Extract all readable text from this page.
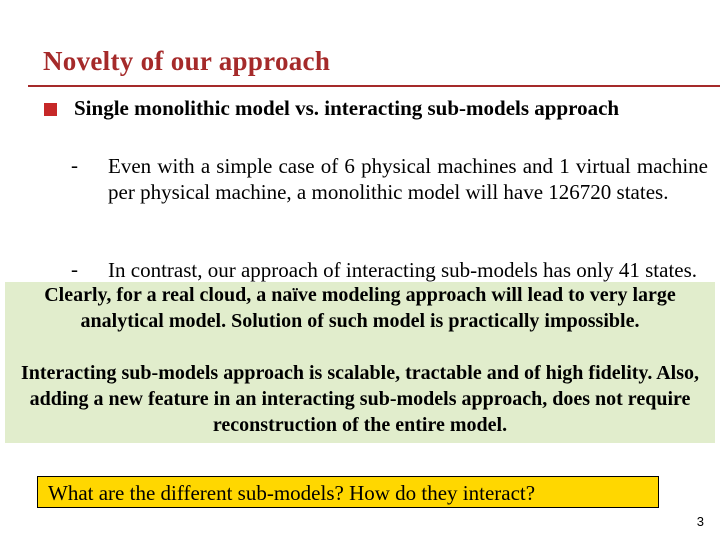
Novelty of our approach
Single monolithic model vs. interacting sub-models approach
- Even with a simple case of 6 physical machines and 1 virtual machine per physical machine, a monolithic model will have 126720 states.
- In contrast, our approach of interacting sub-models has only 41 states.

Clearly, for a real cloud, a naïve modeling approach will lead to very large analytical model. Solution of such model is practically impossible.

Interacting sub-models approach is scalable, tractable and of high fidelity. Also, adding a new feature in an interacting sub-models approach, does not require reconstruction of the entire model.

What are the different sub-models? How do they interact?
3
